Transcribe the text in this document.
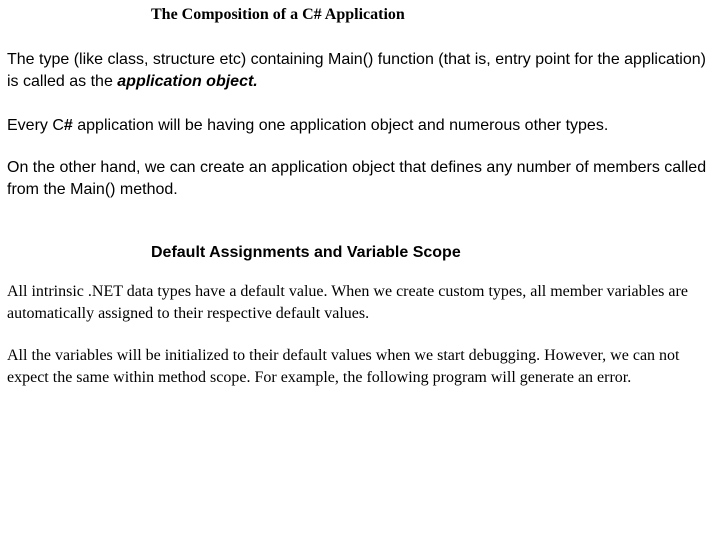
The Composition of a C# Application

The type (like class, structure etc) containing Main() function (that is, entry point for the application) is called as the application object.

Every C# application will be having one application object and numerous other types.

On the other hand, we can create an application object that defines any number of members called from the Main() method.

Default Assignments and Variable Scope

All intrinsic .NET data types have a default value. When we create custom types, all member variables are automatically assigned to their respective default values.

All the variables will be initialized to their default values when we start debugging. However, we can not expect the same within method scope. For example, the following program will generate an error.
